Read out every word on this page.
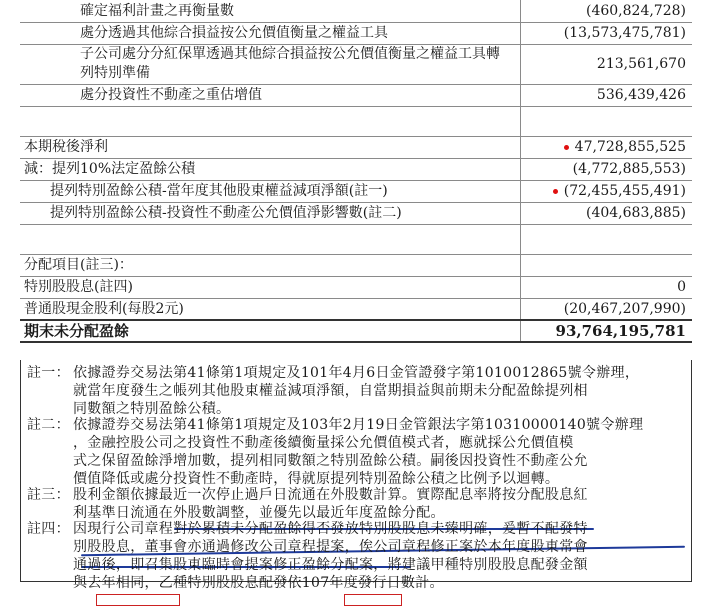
確定福利計畫之再衡量數	(460,824,728)
處分透過其他綜合損益按公允價值衡量之權益工具	(13,573,475,781)
子公司處分分紅保單透過其他綜合損益按公允價值衡量之權益工具轉列特別準備	213,561,670
處分投資性不動產之重估增值	536,439,426

本期稅後淨利	47,728,855,525
減：提列10%法定盈餘公積	(4,772,885,553)
提列特別盈餘公積-當年度其他股東權益減項淨額(註一)	(72,455,455,491)
提列特別盈餘公積-投資性不動產公允價值淨影響數(註二)	(404,683,885)

分配項目(註三)：	
特別股股息(註四)	0
普通股現金股利(每股2元)	(20,467,207,990)
期末未分配盈餘	93,764,195,781
註一： 依據證券交易法第41條第1項規定及101年4月6日金管證發字第1010012865號令辦理，
就當年度發生之帳列其他股東權益減項淨額，自當期損益與前期未分配盈餘提列相
同數額之特別盈餘公積。
註二： 依據證券交易法第41條第1項規定及103年2月19日金管銀法字第10310000140號令辦理
，金融控股公司之投資性不動產後續衡量採公允價值模式者，應就採公允價值模
式之保留盈餘淨增加數，提列相同數額之特別盈餘公積。嗣後因投資性不動產公允
價值降低或處分投資性不動產時，得就原提列特別盈餘公積之比例予以迴轉。
註三： 股利金額依據最近一次停止過戶日流通在外股數計算。實際配息率將按分配股息紅
利基準日流通在外股數調整，並優先以最近年度盈餘分配。
註四： 因現行公司章程對於累積未分配盈餘得否發放特別股股息未臻明確，爰暫不配發特
別股股息，董事會亦通過修改公司章程提案，俟公司章程修正案於本年度股東常會
通過後，即召集股東臨時會提案修正盈餘分配案，將建議甲種特別股股息配發金額
與去年相同，乙種特別股股息配發依107年度發行日數計。
